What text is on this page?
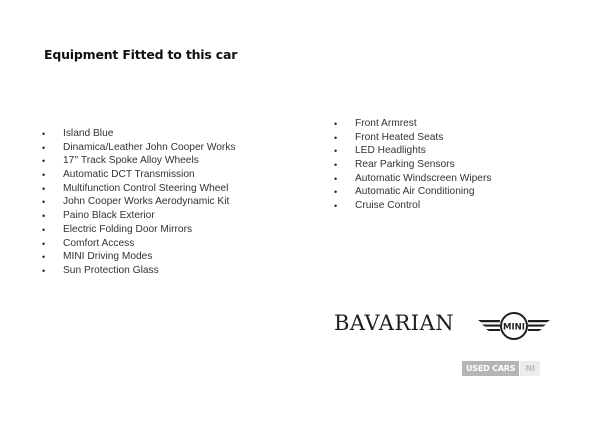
Equipment Fitted to this car
•	Island Blue
•	Dinamica/Leather John Cooper Works
•	17'' Track Spoke Alloy Wheels
•	Automatic DCT Transmission
•	Multifunction Control Steering Wheel
•	John Cooper Works Aerodynamic Kit
•	Paino Black Exterior
•	Electric Folding Door Mirrors
•	Comfort Access
•	MINI Driving Modes
•	Sun Protection Glass
•	Front Armrest
•	Front Heated Seats
•	LED Headlights
•	Rear Parking Sensors
•	Automatic Windscreen Wipers
•	Automatic Air Conditioning
•	Cruise Control
BAVARIAN	MINI
USED CARS	NI
